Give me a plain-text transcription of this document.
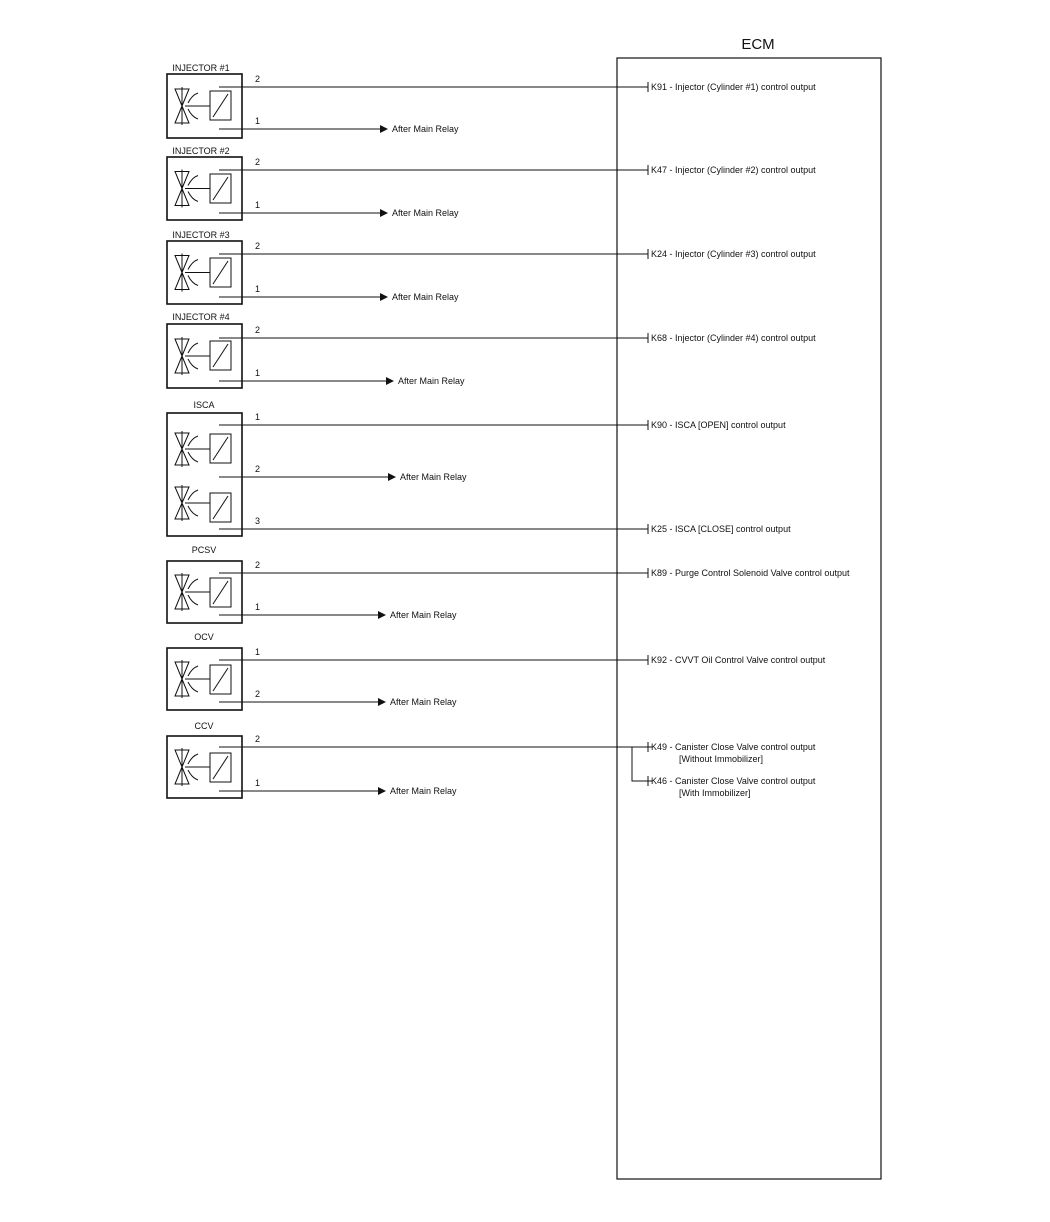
ECM
INJECTOR #1
2
K91 - Injector (Cylinder #1) control output
1
After Main Relay
INJECTOR #2
2
K47 - Injector (Cylinder #2) control output
1
After Main Relay
INJECTOR #3
2
K24 - Injector (Cylinder #3) control output
1
After Main Relay
INJECTOR #4
2
K68 - Injector (Cylinder #4) control output
1
After Main Relay
ISCA
1
K90 - ISCA [OPEN] control output
2
After Main Relay
3
K25 - ISCA [CLOSE] control output
PCSV
2
K89 - Purge Control Solenoid Valve control output
1
After Main Relay
OCV
1
K92 - CVVT Oil Control Valve control output
2
After Main Relay
CCV
2
K49 - Canister Close Valve control output
[Without Immobilizer]
K46 - Canister Close Valve control output
[With Immobilizer]
1
After Main Relay
